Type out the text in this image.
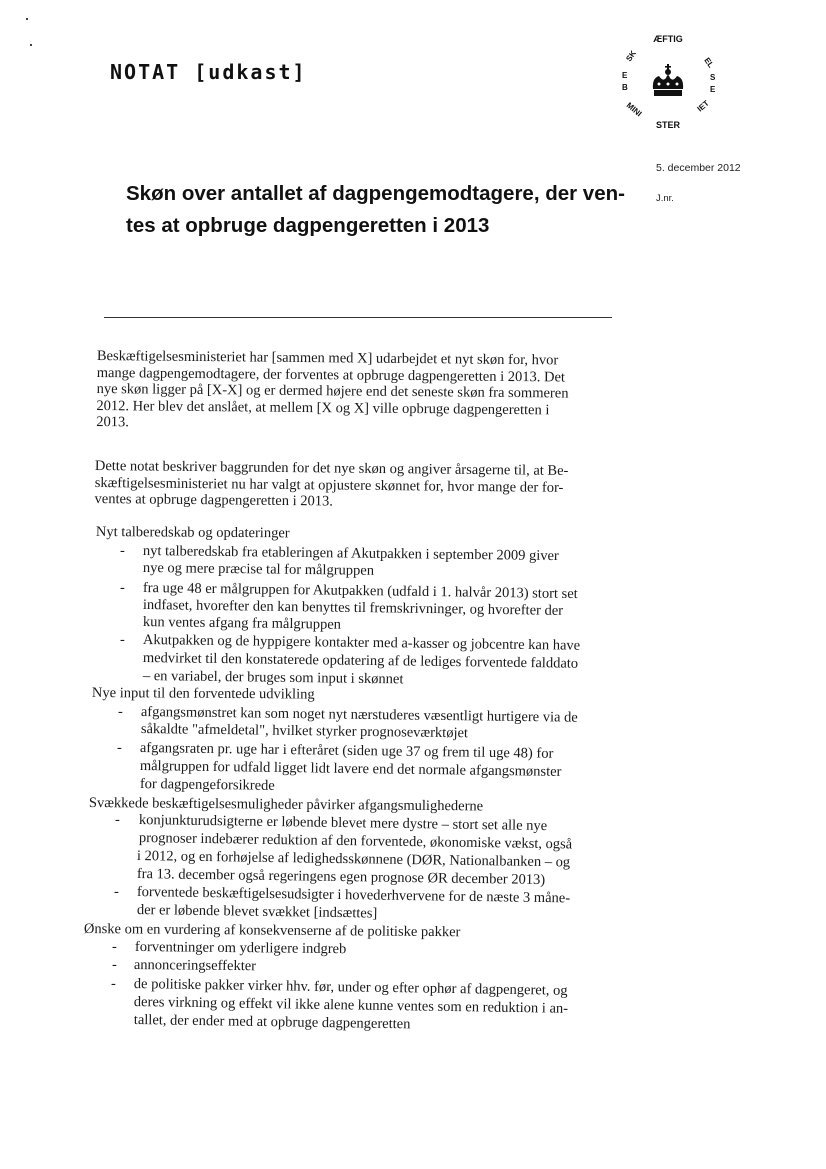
NOTAT [udkast]
ÆFTIG
SK
E
B
EL
S
E
MINI
STER
IET
5. december 2012
J.nr.
Skøn over antallet af dagpengemodtagere, der ven-
tes at opbruge dagpengeretten i 2013
Beskæftigelsesministeriet har [sammen med X] udarbejdet et nyt skøn for, hvor
mange dagpengemodtagere, der forventes at opbruge dagpengeretten i 2013. Det
nye skøn ligger på [X-X] og er dermed højere end det seneste skøn fra sommeren
2012. Her blev det anslået, at mellem [X og X] ville opbruge dagpengeretten i
2013.
Dette notat beskriver baggrunden for det nye skøn og angiver årsagerne til, at Be-
skæftigelsesministeriet nu har valgt at opjustere skønnet for, hvor mange der for-
ventes at opbruge dagpengeretten i 2013.
Nyt talberedskab og opdateringer
- nyt talberedskab fra etableringen af Akutpakken i september 2009 giver
nye og mere præcise tal for målgruppen
- fra uge 48 er målgruppen for Akutpakken (udfald i 1. halvår 2013) stort set
indfaset, hvorefter den kan benyttes til fremskrivninger, og hvorefter der
kun ventes afgang fra målgruppen
- Akutpakken og de hyppigere kontakter med a-kasser og jobcentre kan have
medvirket til den konstaterede opdatering af de lediges forventede falddato
– en variabel, der bruges som input i skønnet
Nye input til den forventede udvikling
- afgangsmønstret kan som noget nyt nærstuderes væsentligt hurtigere via de
såkaldte "afmeldetal", hvilket styrker prognoseværktøjet
- afgangsraten pr. uge har i efteråret (siden uge 37 og frem til uge 48) for
målgruppen for udfald ligget lidt lavere end det normale afgangsmønster
for dagpengeforsikrede
Svækkede beskæftigelsesmuligheder påvirker afgangsmulighederne
- konjunkturudsigterne er løbende blevet mere dystre – stort set alle nye
prognoser indebærer reduktion af den forventede, økonomiske vækst, også
i 2012, og en forhøjelse af ledighedsskønnene (DØR, Nationalbanken – og
fra 13. december også regeringens egen prognose ØR december 2013)
- forventede beskæftigelsesudsigter i hovederhvervene for de næste 3 måne-
der er løbende blevet svækket [indsættes]
Ønske om en vurdering af konsekvenserne af de politiske pakker
- forventninger om yderligere indgreb
- annonceringseffekter
- de politiske pakker virker hhv. før, under og efter ophør af dagpengeret, og
deres virkning og effekt vil ikke alene kunne ventes som en reduktion i an-
tallet, der ender med at opbruge dagpengeretten
